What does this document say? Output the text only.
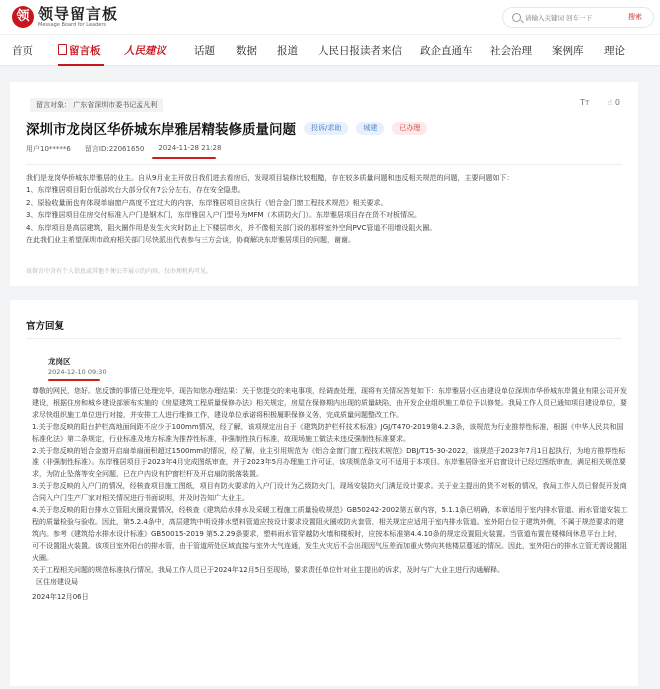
领 领导留言板
Message Board for Leaders
请输入关键词 回车一下
搜索
首页	留言板 人民建议	话题 数据 报道 人民日报读者来信 政企直通车 社会治理 案例库 理论
留言对象： 广东省深圳市委书记孟凡利	Tт ☝ 0
深圳市龙岗区华侨城东岸雅居精装修质量问题	投诉/求助	城建	已办理
用户10*****6 留言ID:22061650 2024-11-28 21:28

我们是龙岗华侨城东岸雅居的业主。自从9月业主开放日我们进去看房后，发现项目装修比较粗糙，存在较多质量问题和违反相关规范的问题，主要问题如下：

1、东岸雅居项目阳台低部坎台大部分仅有7公分左右，存在安全隐患。

2、原验收量面也有体现单扇窗户高度不宜过大的内容，东岸雅居项目应执行《铝合金门窗工程技术规范》相关要求。

3、东岸雅居项目住房交付标准入户门是钢木门，东岸雅居入户门型号为MFM（木质防火门）。东岸雅居项目存在货不对板情况。

4、东岸项目是高层建筑，阻火圈作用是发生火灾时防止上下楼层串火，并不像相关部门说的那样室外空间PVC管道不用增设阻火圈。

在此我们业主希望深圳市政府相关部门尽快派出代表参与三方会谈，协商解决东岸雅居项目的问题，谢谢。

该留言中含有个人信息或其他不便公开展示的内容，仅办理机构可见。
官方回复
龙岗区
2024-12-10 09:30

尊敬的网民，您好。您反馈的事情已处理完毕，现告知您办理结果：关于您提交的来电事项，经调查处理，现将有关情况答复如下：东岸雅居小区由建设单位深圳市华侨城东岸置业有限公司开发建设，根据住房和城乡建设部颁布实施的《房屋建筑工程质量保修办法》相关规定，房屋在保修期内出现的质量缺陷，由开发企业组织施工单位予以修复。我局工作人员已通知项目建设单位，要求尽快组织施工单位进行对接，并安排工人进行维修工作，建设单位承诺将积极履职保修义务，完成质量问题整改工作。

1.关于您反映的阳台护栏高地面间距不应少于100mm情况，经了解，该项规定出自于《建筑防护栏杆技术标准》JGJ/T470-2019第4.2.3条，该规范为行业推荐性标准，根据《中华人民共和国标准化法》第二条规定，行业标准及地方标准为推荐性标准，非强制性执行标准，故现场施工做法未违反强制性标准要求。

2.关于您反映的铝合金窗开启扇单扇面积超过1500mm的情况，经了解，业主引用规范为《铝合金窗门窗工程技术规范》DBJ/T15-30-2022，该规范于2023年7月1日起执行，为地方推荐性标准（非强制性标准）。东岸雅居项目于2023年4月完成图纸审查，并于2023年5月办理施工许可证，该项规范条文可不适用于本项目。东岸雅居卧室开启窗设计已经过图纸审查，满足相关规范要求，为防止坠落等安全问题，已在户内设有护窗栏杆及开启扇防脱落装置。

3.关于您反映的入户门的情况，经核查项目施工图纸，项目有防火要求的入户门设计为乙级防火门，现场安装防火门满足设计要求。关于业主提出的货不对板的情况，我局工作人员已督促开发商合同入户门生产厂家对相关情况进行书面说明，并及时告知广大业主。

4.关于您反映的阳台排水立管阻火圈设置情况，经核查《建筑给水排水及采暖工程施工质量验收规范》GB50242-2002第五章内容，5.1.1条已明确，本章适用于室内排水管道、雨水管道安装工程的质量检验与验收。因此，第5.2.4条中，高层建筑中明设排水塑料管道应按设计要求设置阻火圈或防火套管，相关规定应适用于室内排水管道。室外阳台位于建筑外侧，不属于规范要求的建筑内。参考《建筑给水排水设计标准》GB50015-2019 第5.2.29条要求，塑料雨水管穿越防火墙和楼板时，应按本标准第4.4.10条的规定设置阻火装置。当管道布置在楼梯间休息平台上时，可不设置阻火装置。该项目室外阳台的排水管，由于管道所处区域直接与室外大气连通，发生火灾后不会出现因气压差而加重火势向其他楼层蔓延的情况。因此，室外阳台的排水立管无需设置阻火圈。

关于工程相关问题的规范标准执行情况，我局工作人员已于2024年12月5日至现场，要求责任单位针对业主提出的诉求，及时与广大业主进行沟通解释。

区住房建设局

2024年12月06日
